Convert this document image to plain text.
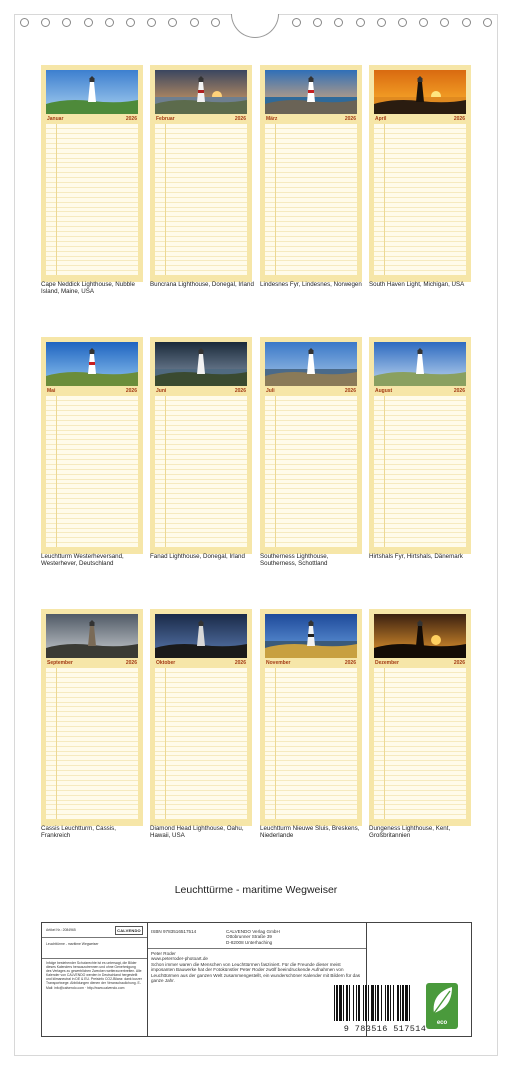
Januar	2026
Cape Neddick Lighthouse, Nubble Island, Maine, USA
Februar	2026
Buncrana Lighthouse, Donegal, Irland
März	2026
Lindesnes Fyr, Lindesnes, Norwegen
April	2026
South Haven Light, Michigan, USA
Mai	2026
Leuchtturm Westerheversand, Westerhever, Deutschland
Juni	2026
Fanad Lighthouse, Donegal, Irland
Juli	2026
Southerness Lighthouse, Southerness, Schottland
August	2026
Hirtshals Fyr, Hirtshals, Dänemark
September	2026
Cassis Leuchtturm, Cassis, Frankreich
Oktober	2026
Diamond Head Lighthouse, Oahu, Hawaii, USA
November	2026
Leuchtturm Nieuwe Sluis, Breskens, Niederlande
Dezember	2026
Dungeness Lighthouse, Kent, Großbritannien
Leuchttürme - maritime Wegweiser
Artikel Nr.: 2084965	CALVENDO
Leuchttürme - maritime Wegweiser
Infolge bestehender Schutzrechte ist es untersagt, die Bilder dieses Kalenders herauszutrennen und ohne Genehmigung des Verlages zu gewerblichen Zwecken weiterzuverbreiten. Alle Kalender von CALVENDO werden in Deutschland hergestellt und klimaneutral in DE & EU. Preisinfo CO2-Bilanz: dank kurzer Transportwege. Abbildungen dienen der Veranschaulichung. E-Mail: info@calvendo.com · http://www.calvendo.com
ISBN 9783516517514	CALVENDO Verlag GmbH
Ottobrunner Straße 39
D-82008 Unterhaching
Peter Roder
www.peterroder-photoart.de
Schon immer waren die Menschen von Leuchttürmen fasziniert. Für die Freunde dieser meist imposanten Bauwerke hat der Fotokünstler Peter Roder zwölf beeindruckende Aufnahmen von Leuchttürmen aus der ganzen Welt zusammengestellt, ein wunderschöner Kalender mit Bildern für das ganze Jahr.
9 783516 517514
eco
